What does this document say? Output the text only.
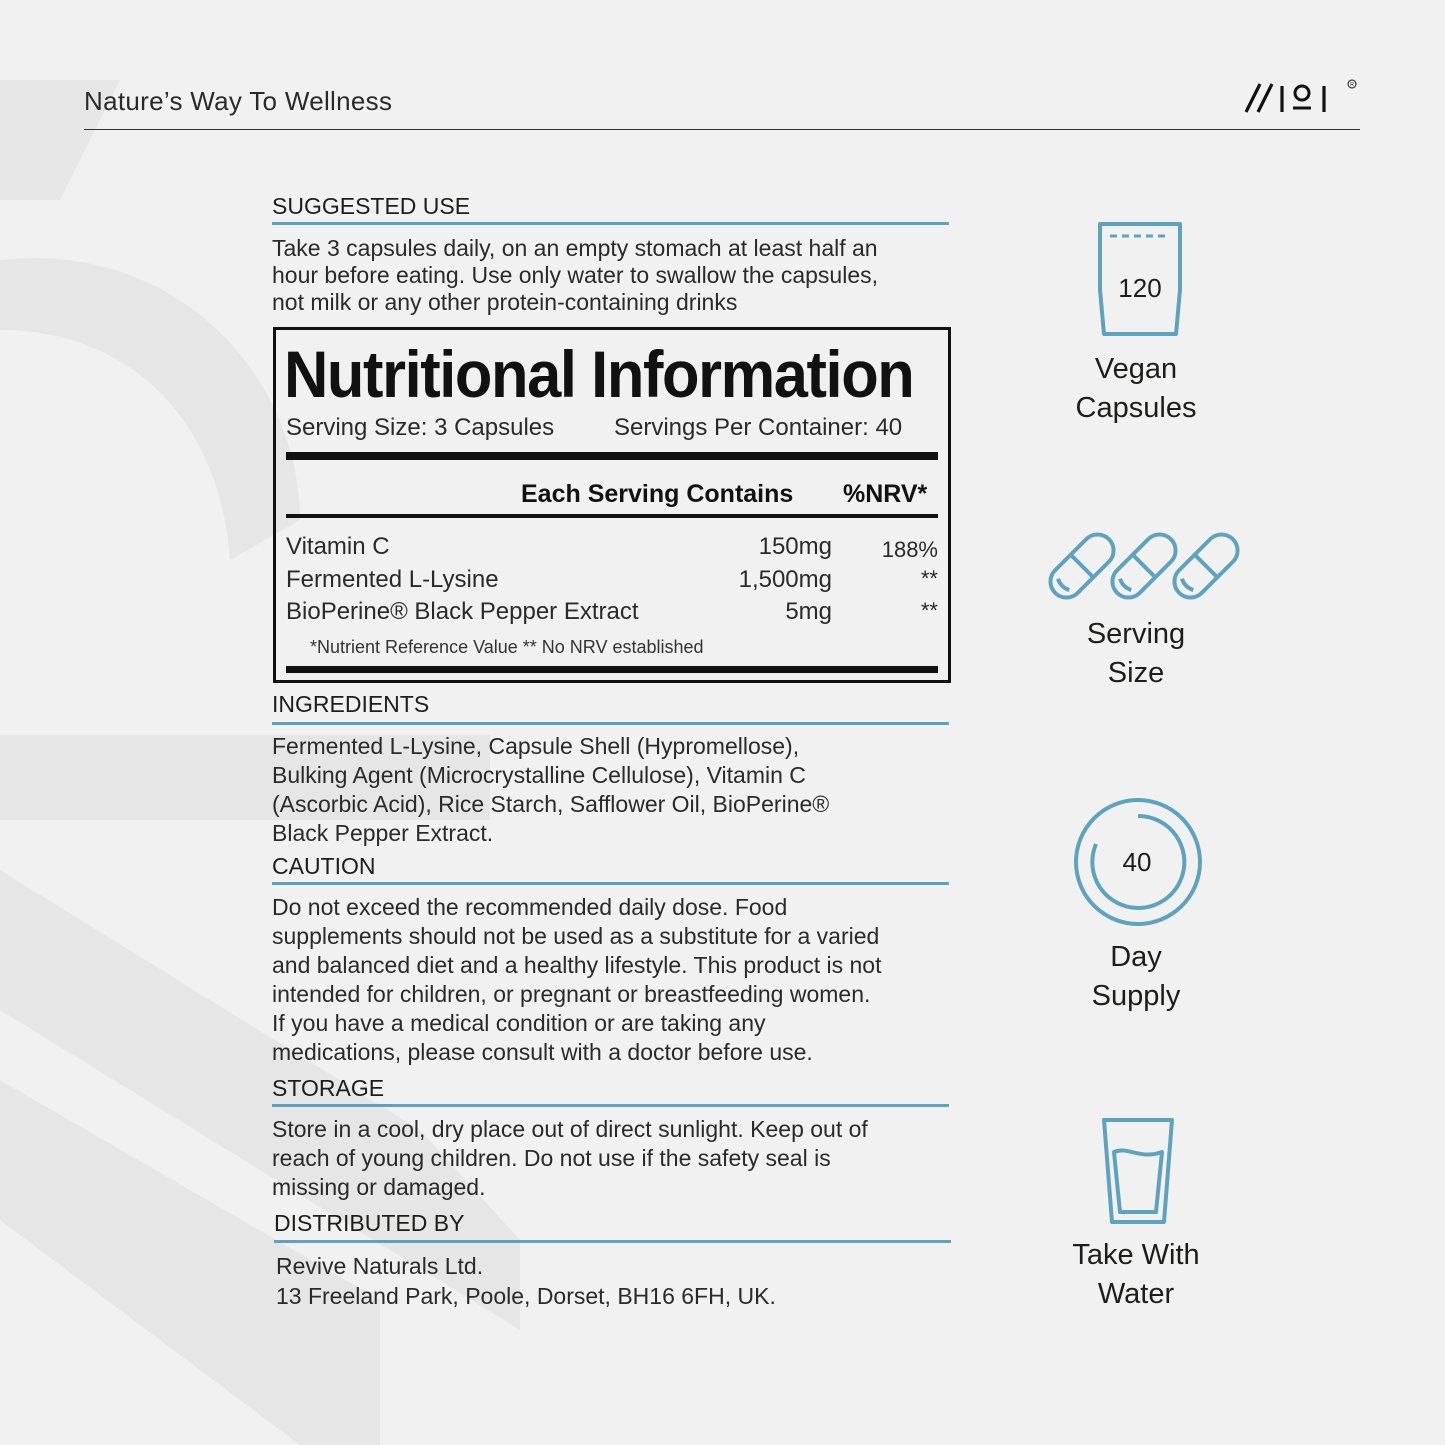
Nature’s Way To Wellness
R
SUGGESTED USE
Take 3 capsules daily, on an empty stomach at least half an
hour before eating. Use only water to swallow the capsules,
not milk or any other protein-containing drinks
Nutritional Information
Serving Size: 3 Capsules Servings Per Container: 40
Each Serving Contains %NRV*
Vitamin C	150mg 188%
Fermented L-Lysine	1,500mg	**
BioPerine® Black Pepper Extract	5mg	**
*Nutrient Reference Value ** No NRV established
INGREDIENTS
Fermented L-Lysine, Capsule Shell (Hypromellose),
Bulking Agent (Microcrystalline Cellulose), Vitamin C
(Ascorbic Acid), Rice Starch, Safflower Oil, BioPerine®
Black Pepper Extract.
CAUTION
Do not exceed the recommended daily dose. Food
supplements should not be used as a substitute for a varied
and balanced diet and a healthy lifestyle. This product is not
intended for children, or pregnant or breastfeeding women.
If you have a medical condition or are taking any
medications, please consult with a doctor before use.
STORAGE
Store in a cool, dry place out of direct sunlight. Keep out of
reach of young children. Do not use if the safety seal is
missing or damaged.
DISTRIBUTED BY
Revive Naturals Ltd.
13 Freeland Park, Poole, Dorset, BH16 6FH, UK.
120
Vegan
Capsules
Serving
Size
40
Day
Supply
Take With
Water
